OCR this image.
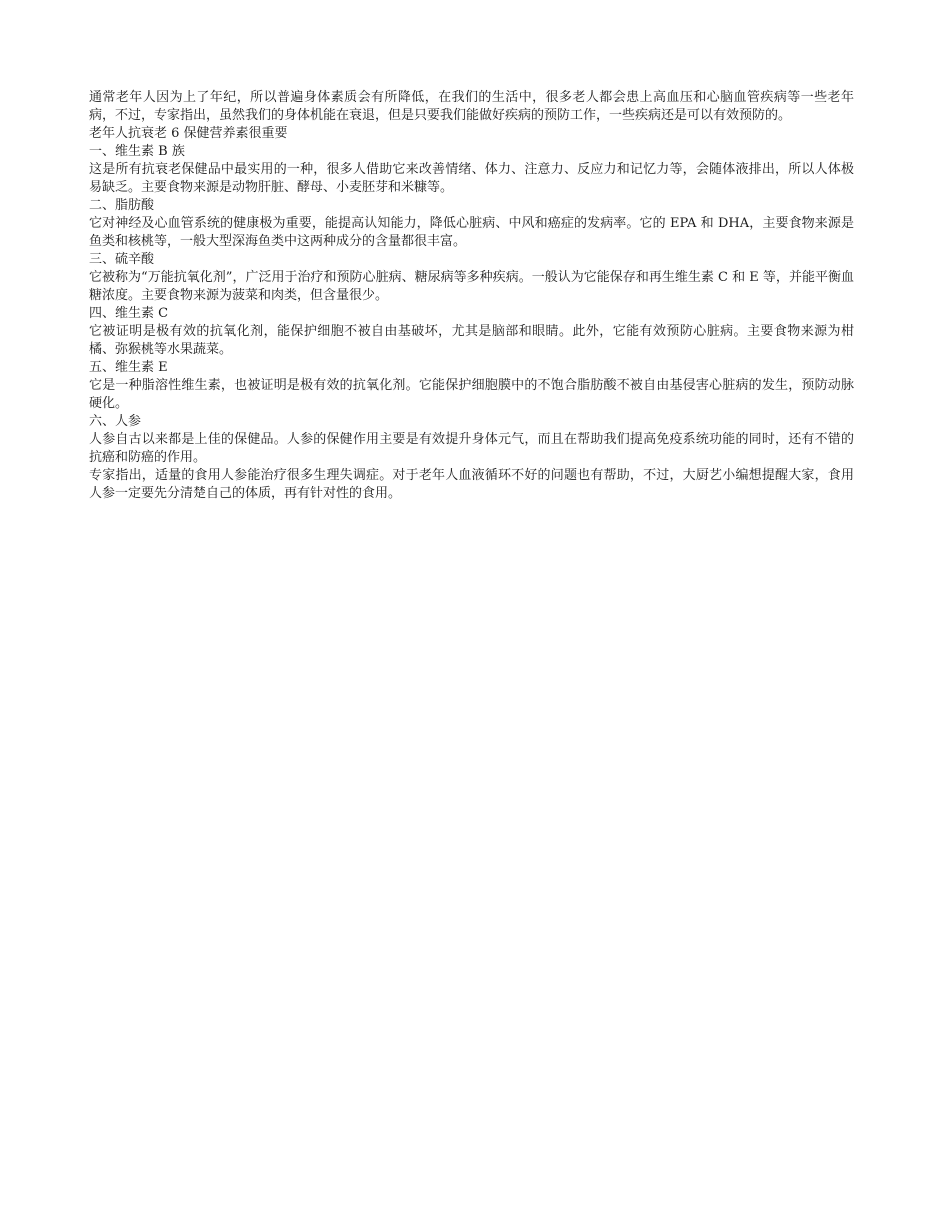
通常老年人因为上了年纪，所以普遍身体素质会有所降低，在我们的生活中，很多老人都会患上高血压和心脑血管疾病等一些老年病，不过，专家指出，虽然我们的身体机能在衰退，但是只要我们能做好疾病的预防工作，一些疾病还是可以有效预防的。

老年人抗衰老 6 保健营养素很重要

一、维生素 B 族

这是所有抗衰老保健品中最实用的一种，很多人借助它来改善情绪、体力、注意力、反应力和记忆力等，会随体液排出，所以人体极易缺乏。主要食物来源是动物肝脏、酵母、小麦胚芽和米糠等。

二、脂肪酸

它对神经及心血管系统的健康极为重要，能提高认知能力，降低心脏病、中风和癌症的发病率。它的 EPA 和 DHA，主要食物来源是鱼类和核桃等，一般大型深海鱼类中这两种成分的含量都很丰富。

三、硫辛酸

它被称为“万能抗氧化剂”，广泛用于治疗和预防心脏病、糖尿病等多种疾病。一般认为它能保存和再生维生素 C 和 E 等，并能平衡血糖浓度。主要食物来源为菠菜和肉类，但含量很少。

四、维生素 C

它被证明是极有效的抗氧化剂，能保护细胞不被自由基破坏，尤其是脑部和眼睛。此外，它能有效预防心脏病。主要食物来源为柑橘、弥猴桃等水果蔬菜。

五、维生素 E

它是一种脂溶性维生素，也被证明是极有效的抗氧化剂。它能保护细胞膜中的不饱合脂肪酸不被自由基侵害心脏病的发生，预防动脉硬化。

六、人参

人参自古以来都是上佳的保健品。人参的保健作用主要是有效提升身体元气，而且在帮助我们提高免疫系统功能的同时，还有不错的抗癌和防癌的作用。

专家指出，适量的食用人参能治疗很多生理失调症。对于老年人血液循环不好的问题也有帮助，不过，大厨艺小编想提醒大家，食用人参一定要先分清楚自己的体质，再有针对性的食用。
